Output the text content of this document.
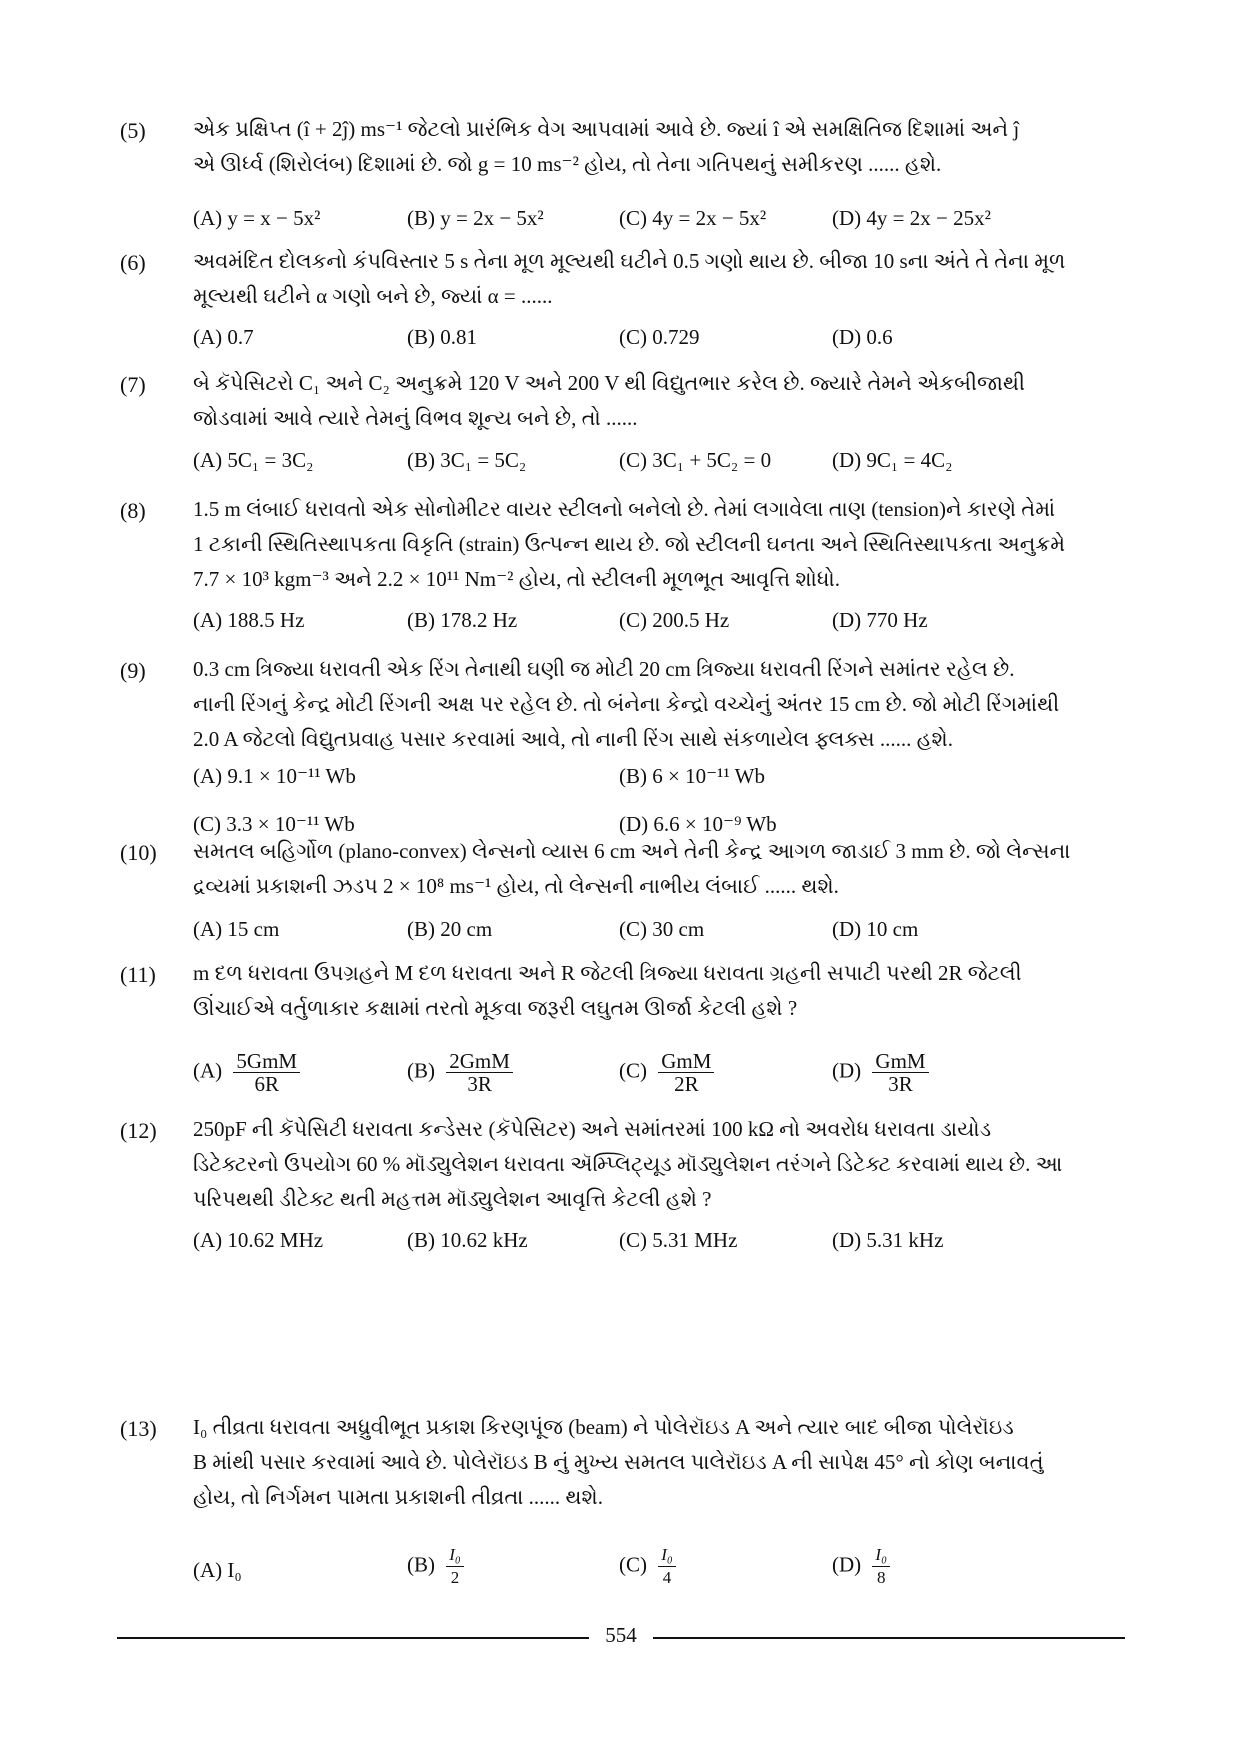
(5) એક પ્રક્ષિપ્ત (î + 2ĵ) ms⁻¹ જેટલો પ્રારંભિક વેગ આપવામાં આવે છે. જ્યાં î એ સમક્ષિતિજ દિશામાં અને ĵ
એ ઊર્ધ્વ (શિરોલંબ) દિશામાં છે. જો g = 10 ms⁻² હોય, તો તેના ગતિપથનું સમીકરણ ...... હશે.
(A) y = x − 5x²	(B) y = 2x − 5x²	(C) 4y = 2x − 5x²	(D) 4y = 2x − 25x²
(6) અવમંદિત દોલકનો કંપવિસ્તાર 5 s તેના મૂળ મૂલ્યથી ઘટીને 0.5 ગણો થાય છે. બીજા 10 sના અંતે તે તેના મૂળ
મૂલ્યથી ઘટીને α ગણો બને છે, જ્યાં α = ......
(A) 0.7	(B) 0.81	(C) 0.729	(D) 0.6
(7) બે કૅપેસિટરો C₁ અને C₂ અનુક્રમે 120 V અને 200 V થી વિદ્યુતભાર કરેલ છે. જ્યારે તેમને એકબીજાથી
જોડવામાં આવે ત્યારે તેમનું વિભવ શૂન્ય બને છે, તો ......
(A) 5C₁ = 3C₂	(B) 3C₁ = 5C₂	(C) 3C₁ + 5C₂ = 0	(D) 9C₁ = 4C₂
(8) 1.5 m લંબાઈ ધરાવતો એક સોનોમીટર વાયર સ્ટીલનો બનેલો છે. તેમાં લગાવેલા તાણ (tension)ને કારણે તેમાં
1 ટકાની સ્થિતિસ્થાપકતા વિકૃતિ (strain) ઉત્પન્ન થાય છે. જો સ્ટીલની ઘનતા અને સ્થિતિસ્થાપકતા અનુક્રમે
7.7 × 10³ kgm⁻³ અને 2.2 × 10¹¹ Nm⁻² હોય, તો સ્ટીલની મૂળભૂત આવૃત્તિ શોધો.
(A) 188.5 Hz	(B) 178.2 Hz	(C) 200.5 Hz	(D) 770 Hz
(9) 0.3 cm ત્રિજ્યા ધરાવતી એક રિંગ તેનાથી ઘણી જ મોટી 20 cm ત્રિજ્યા ધરાવતી રિંગને સમાંતર રહેલ છે.
નાની રિંગનું કેન્દ્ર મોટી રિંગની અક્ષ પર રહેલ છે. તો બંનેના કેન્દ્રો વચ્ચેનું અંતર 15 cm છે. જો મોટી રિંગમાંથી
2.0 A જેટલો વિદ્યુતપ્રવાહ પસાર કરવામાં આવે, તો નાની રિંગ સાથે સંકળાયેલ ફ્લક્સ ...... હશે.
(A) 9.1 × 10⁻¹¹ Wb	(B) 6 × 10⁻¹¹ Wb
(C) 3.3 × 10⁻¹¹ Wb	(D) 6.6 × 10⁻⁹ Wb
(10) સમતલ બહિર્ગોળ (plano-convex) લેન્સનો વ્યાસ 6 cm અને તેની કેન્દ્ર આગળ જાડાઈ 3 mm છે. જો લેન્સના
દ્રવ્યમાં પ્રકાશની ઝડપ 2 × 10⁸ ms⁻¹ હોય, તો લેન્સની નાભીય લંબાઈ ...... થશે.
(A) 15 cm	(B) 20 cm	(C) 30 cm	(D) 10 cm
(11) m દળ ધરાવતા ઉપગ્રહને M દળ ધરાવતા અને R જેટલી ત્રિજ્યા ધરાવતા ગ્રહની સપાટી પરથી 2R જેટલી
ઊંચાઈએ વર્તુળાકાર કક્ષામાં તરતો મૂકવા જરૂરી લઘુતમ ઊર્જા કેટલી હશે ?
$(A) \frac{\text{5GmM}}{6R}$	$(B) \frac{\text{2GmM}}{3R}$	$(C) \frac{\text{GmM}}{2R}$	$(D) \frac{\text{GmM}}{3R}$
(12) 250pF ની કૅપેસિટી ધરાવતા કન્ડેસર (કૅપેસિટર) અને સમાંતરમાં 100 kΩ નો અવરોધ ધરાવતા ડાયોડ
ડિટેક્ટરનો ઉપયોગ 60 % મૉડ્યુલેશન ધરાવતા ઍમ્પ્લિટ્યૂડ મૉડ્યુલેશન તરંગને ડિટેક્ટ કરવામાં થાય છે. આ
પરિપથથી ડીટેક્ટ થતી મહત્તમ મૉડ્યુલેશન આવૃત્તિ કેટલી હશે ?
(A) 10.62 MHz	(B) 10.62 kHz	(C) 5.31 MHz	(D) 5.31 kHz
(13) I₀ તીવ્રતા ધરાવતા અધ્રુવીભૂત પ્રકાશ કિરણપૂંજ (beam) ને પોલેરૉઇડ A અને ત્યાર બાદ બીજા પોલેરૉઇડ
B માંથી પસાર કરવામાં આવે છે. પોલેરૉઇડ B નું મુખ્ય સમતલ પાલેરૉઇડ A ની સાપેક્ષ 45° નો કોણ બનાવતું
હોય, તો નિર્ગમન પામતા પ્રકાશની તીવ્રતા ...... થશે.
(A) I₀	$(B) \frac{\text{I₀}}{2}$	$(C) \frac{\text{I₀}}{4}$	$(D) \frac{\text{I₀}}{8}$
554
